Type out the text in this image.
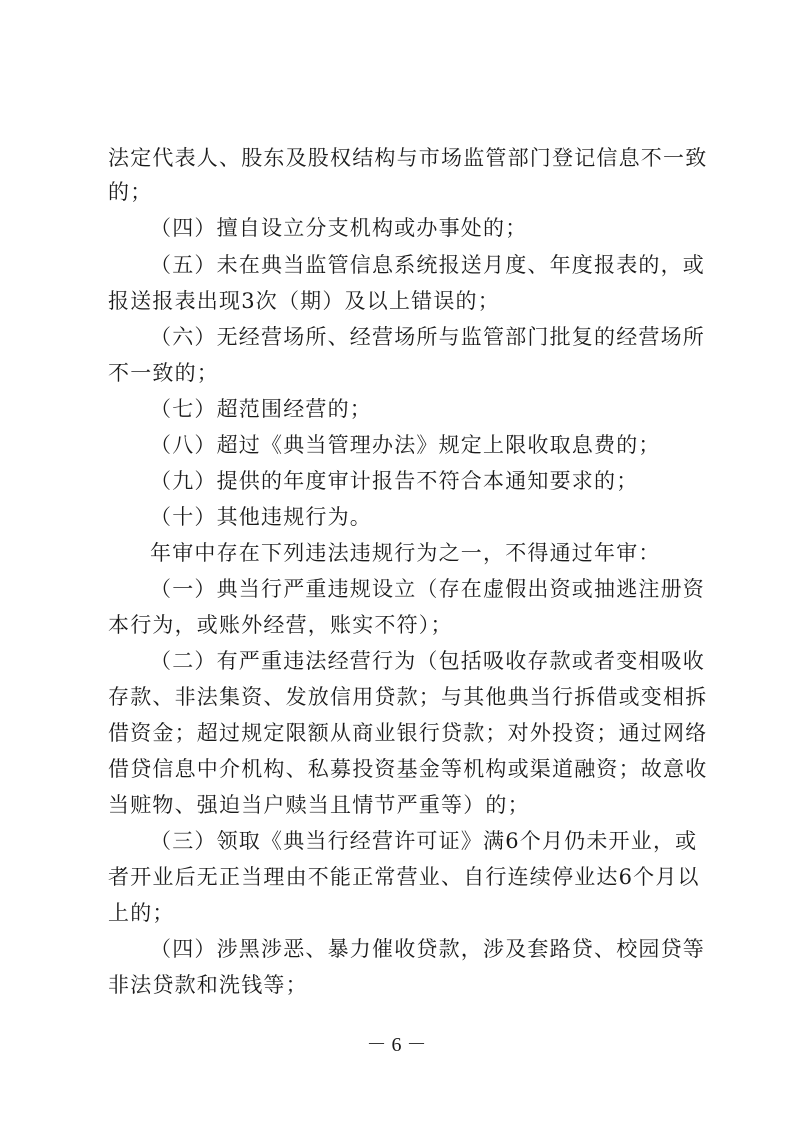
法定代表人、股东及股权结构与市场监管部门登记信息不一致
的；
（四）擅自设立分支机构或办事处的；
（五）未在典当监管信息系统报送月度、年度报表的，或
报送报表出现3次（期）及以上错误的；
（六）无经营场所、经营场所与监管部门批复的经营场所
不一致的；
（七）超范围经营的；
（八）超过《典当管理办法》规定上限收取息费的；
（九）提供的年度审计报告不符合本通知要求的；
（十）其他违规行为。
年审中存在下列违法违规行为之一，不得通过年审：
（一）典当行严重违规设立（存在虚假出资或抽逃注册资
本行为，或账外经营，账实不符）；
（二）有严重违法经营行为（包括吸收存款或者变相吸收
存款、非法集资、发放信用贷款；与其他典当行拆借或变相拆
借资金；超过规定限额从商业银行贷款；对外投资；通过网络
借贷信息中介机构、私募投资基金等机构或渠道融资；故意收
当赃物、强迫当户赎当且情节严重等）的；
（三）领取《典当行经营许可证》满6个月仍未开业，或
者开业后无正当理由不能正常营业、自行连续停业达6个月以
上的；
（四）涉黑涉恶、暴力催收贷款，涉及套路贷、校园贷等
非法贷款和洗钱等；
－ 6 －
